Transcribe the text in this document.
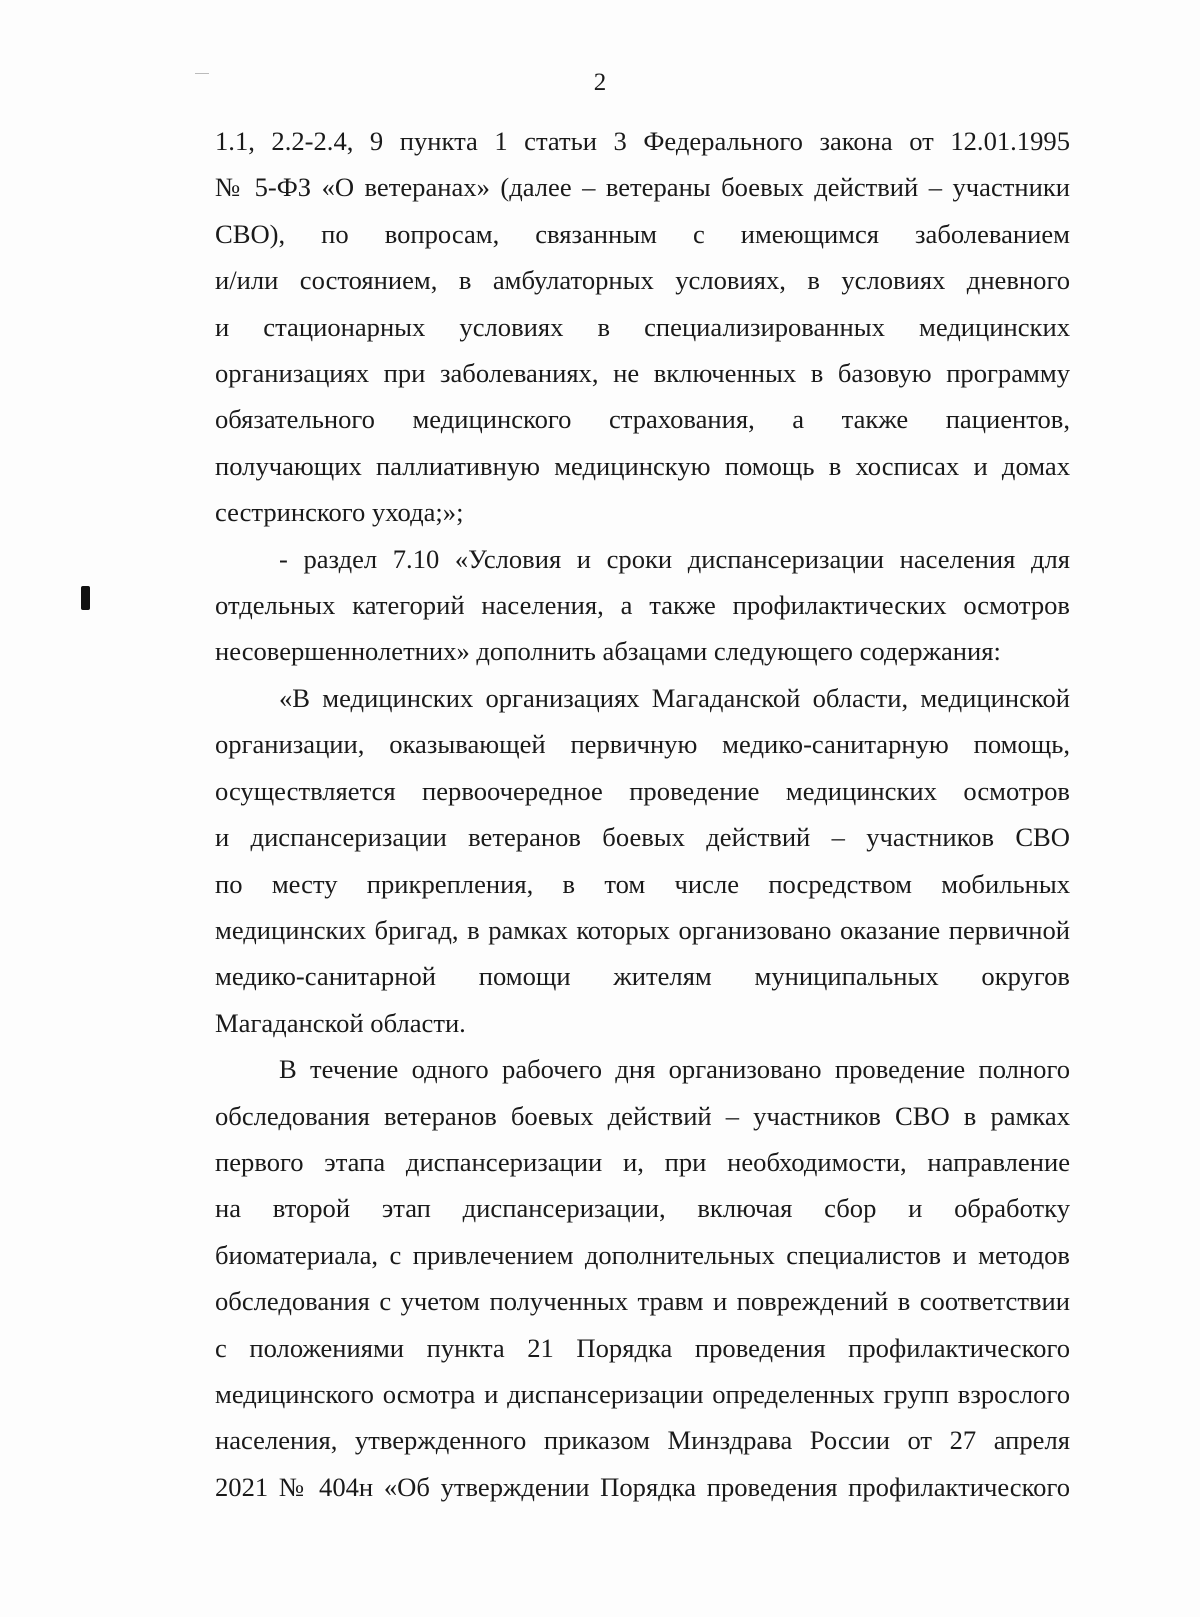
2

1.1, 2.2-2.4, 9 пункта 1 статьи 3 Федерального закона от 12.01.1995

№ 5-ФЗ «О ветеранах» (далее – ветераны боевых действий – участники

СВО), по вопросам, связанным с имеющимся заболеванием

и/или состоянием, в амбулаторных условиях, в условиях дневного

и стационарных условиях в специализированных медицинских

организациях при заболеваниях, не включенных в базовую программу

обязательного медицинского страхования, а также пациентов,

получающих паллиативную медицинскую помощь в хосписах и домах

сестринского ухода;»;

- раздел 7.10 «Условия и сроки диспансеризации населения для

отдельных категорий населения, а также профилактических осмотров

несовершеннолетних» дополнить абзацами следующего содержания:

«В медицинских организациях Магаданской области, медицинской

организации, оказывающей первичную медико-санитарную помощь,

осуществляется первоочередное проведение медицинских осмотров

и диспансеризации ветеранов боевых действий – участников СВО

по месту прикрепления, в том числе посредством мобильных

медицинских бригад, в рамках которых организовано оказание первичной

медико-санитарной помощи жителям муниципальных округов

Магаданской области.

В течение одного рабочего дня организовано проведение полного

обследования ветеранов боевых действий – участников СВО в рамках

первого этапа диспансеризации и, при необходимости, направление

на второй этап диспансеризации, включая сбор и обработку

биоматериала, с привлечением дополнительных специалистов и методов

обследования с учетом полученных травм и повреждений в соответствии

с положениями пункта 21 Порядка проведения профилактического

медицинского осмотра и диспансеризации определенных групп взрослого

населения, утвержденного приказом Минздрава России от 27 апреля

2021 № 404н «Об утверждении Порядка проведения профилактического
